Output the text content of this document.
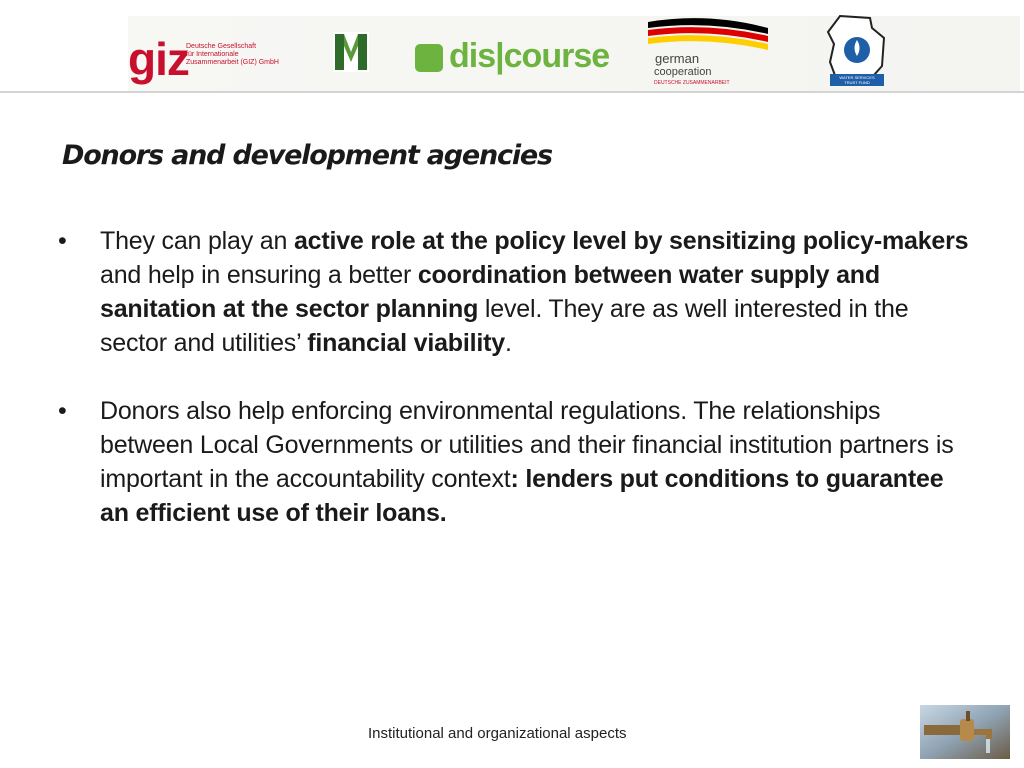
giz
Deutsche Gesellschaft
für Internationale
Zusammenarbeit (GIZ) GmbH	dis|course	german
cooperation
DEUTSCHE ZUSAMMENARBEIT
WATER SERVICES
TRUST FUND
Donors and development agencies
• They can play an active role at the policy level by sensitizing policy-makers and help in ensuring a better coordination between water supply and sanitation at the sector planning level. They are as well interested in the sector and utilities’ financial viability.
• Donors also help enforcing environmental regulations. The relationships between Local Governments or utilities and their financial institution partners is important in the accountability context: lenders put conditions to guarantee an efficient use of their loans.
Institutional and organizational aspects
